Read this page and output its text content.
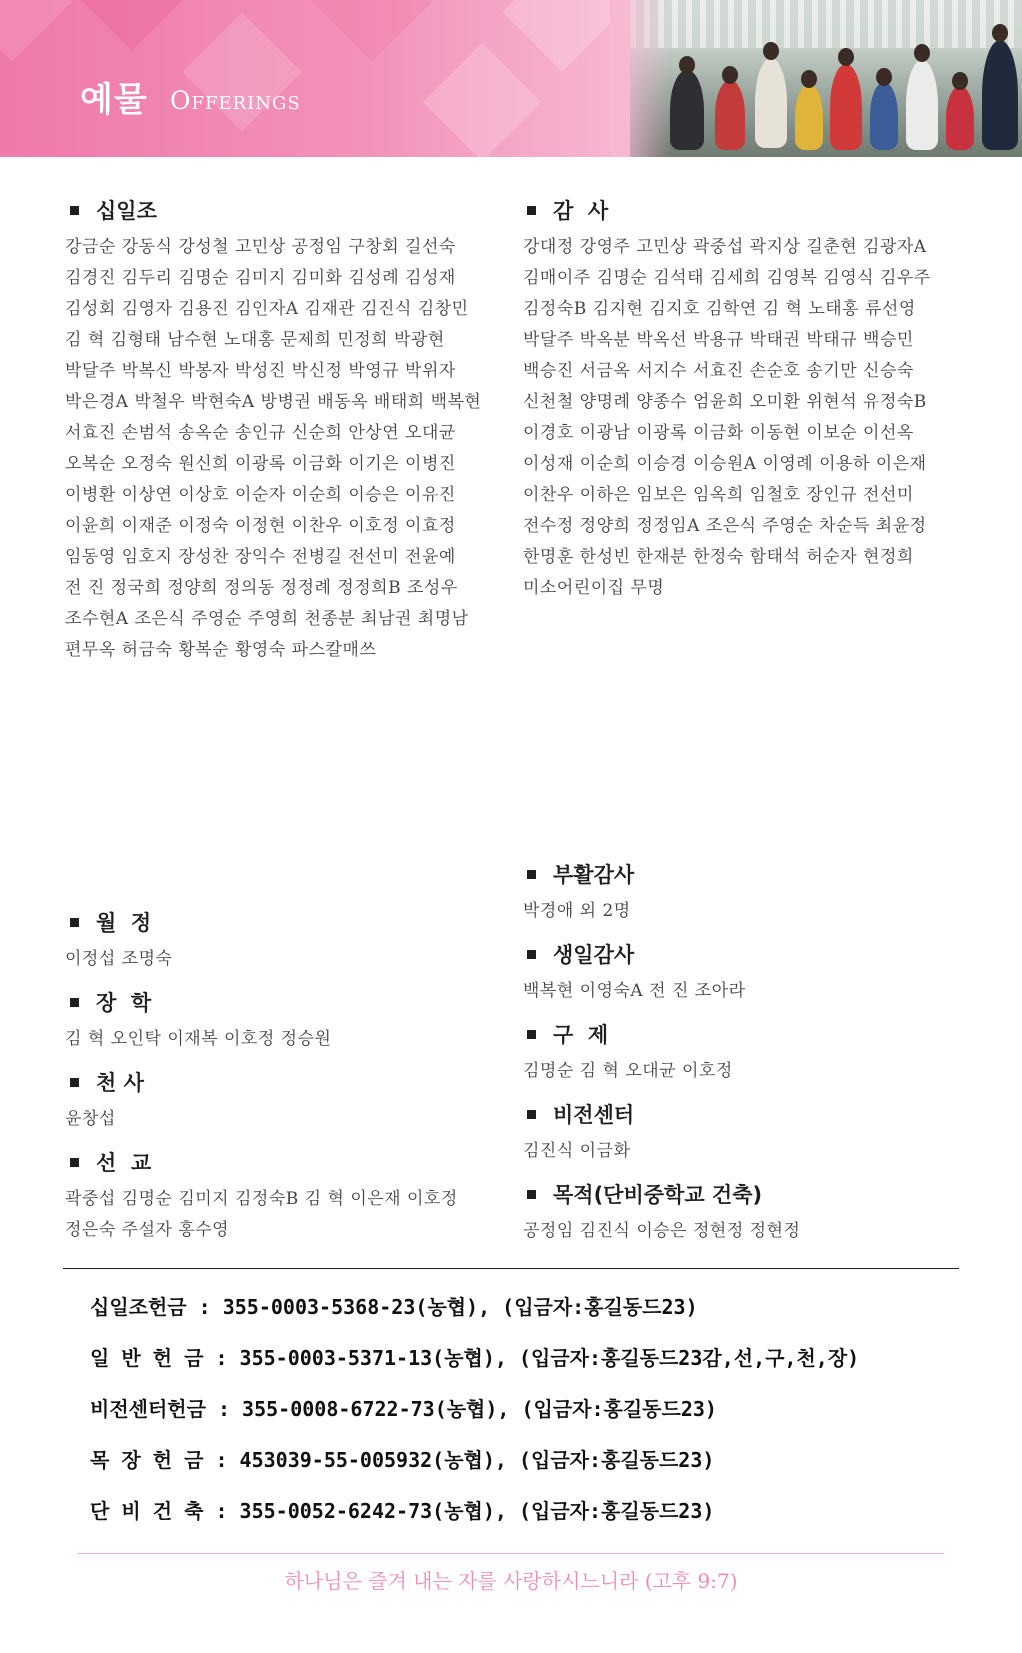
예물 Offerings
십일조
강금순 강동식 강성철 고민상 공정임 구창회 길선숙
김경진 김두리 김명순 김미지 김미화 김성례 김성재
김성회 김영자 김용진 김인자A 김재관 김진식 김창민
김 혁 김형태 남수현 노대홍 문제희 민정희 박광현
박달주 박복신 박봉자 박성진 박신정 박영규 박위자
박은경A 박철우 박현숙A 방병권 배동옥 배태희 백복현
서효진 손범석 송옥순 송인규 신순희 안상연 오대균
오복순 오정숙 원신희 이광록 이금화 이기은 이병진
이병환 이상연 이상호 이순자 이순희 이승은 이유진
이윤희 이재준 이정숙 이정현 이찬우 이호정 이효정
임동영 임호지 장성찬 장익수 전병길 전선미 전윤예
전 진 정국희 정양희 정의동 정정례 정정희B 조성우
조수현A 조은식 주영순 주영희 천종분 최남권 최명남
편무옥 허금숙 황복순 황영숙 파스칼매쓰
감  사
강대정 강영주 고민상 곽중섭 곽지상 길춘현 김광자A
김매이주 김명순 김석태 김세희 김영복 김영식 김우주
김정숙B 김지현 김지호 김학연 김 혁 노태홍 류선영
박달주 박옥분 박옥선 박용규 박태권 박태규 백승민
백승진 서금옥 서지수 서효진 손순호 송기만 신승숙
신천철 양명례 양종수 엄윤희 오미환 위현석 유정숙B
이경호 이광남 이광록 이금화 이동현 이보순 이선옥
이성재 이순희 이승경 이승원A 이영례 이용하 이은재
이찬우 이하은 임보은 임옥희 임철호 장인규 전선미
전수정 정양희 정정임A 조은식 주영순 차순득 최윤정
한명훈 한성빈 한재분 한정숙 함태석 허순자 현정희
미소어린이집 무명
부활감사
박경애 외 2명
월  정
이정섭 조명숙	생일감사
백복현 이영숙A 전 진 조아라
장  학
김 혁 오인탁 이재복 이호정 정승원	구  제
김명순 김 혁 오대균 이호정
천 사
윤창섭	비전센터
김진식 이금화
선  교
곽중섭 김명순 김미지 김정숙B 김 혁 이은재 이호정
정은숙 주설자 홍수영
목적(단비중학교 건축)
공정임 김진식 이승은 정현정 정현정
십일조헌금 : 355-0003-5368-23(농협), (입금자:홍길동드23)
일 반 헌 금 : 355-0003-5371-13(농협), (입금자:홍길동드23감,선,구,천,장)
비전센터헌금 : 355-0008-6722-73(농협), (입금자:홍길동드23)
목 장 헌 금 : 453039-55-005932(농협), (입금자:홍길동드23)
단 비 건 축 : 355-0052-6242-73(농협), (입금자:홍길동드23)
하나님은 즐겨 내는 자를 사랑하시느니라 (고후 9:7)
